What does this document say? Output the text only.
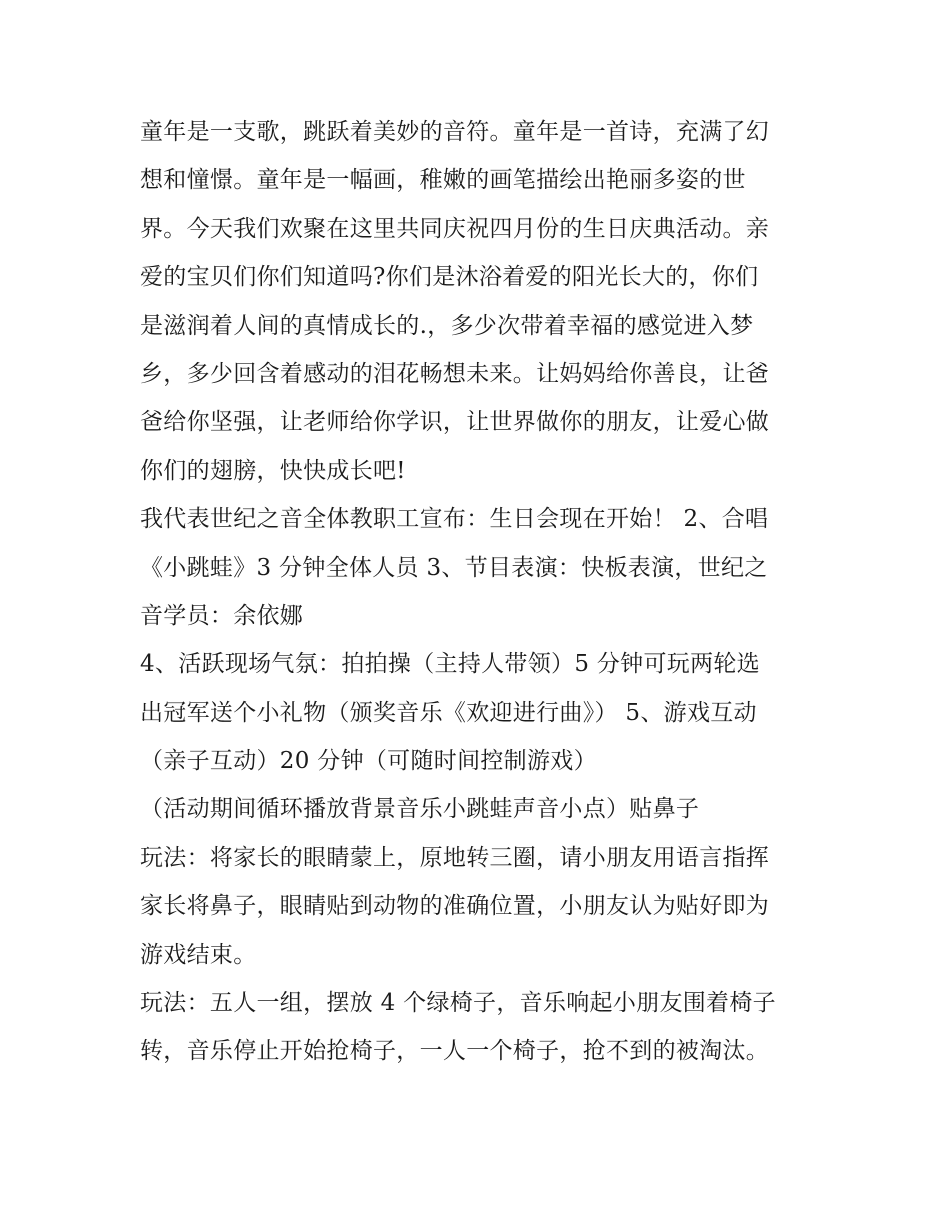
童年是一支歌，跳跃着美妙的音符。童年是一首诗，充满了幻
想和憧憬。童年是一幅画，稚嫩的画笔描绘出艳丽多姿的世
界。今天我们欢聚在这里共同庆祝四月份的生日庆典活动。亲
爱的宝贝们你们知道吗?你们是沐浴着爱的阳光长大的，你们
是滋润着人间的真情成长的.，多少次带着幸福的感觉进入梦
乡，多少回含着感动的泪花畅想未来。让妈妈给你善良，让爸
爸给你坚强，让老师给你学识，让世界做你的朋友，让爱心做
你们的翅膀，快快成长吧!
我代表世纪之音全体教职工宣布：生日会现在开始！ 2、合唱
《小跳蛙》3 分钟全体人员 3、节目表演：快板表演，世纪之
音学员：余依娜
4、活跃现场气氛：拍拍操（主持人带领）5 分钟可玩两轮选
出冠军送个小礼物（颁奖音乐《欢迎进行曲》） 5、游戏互动
（亲子互动）20 分钟（可随时间控制游戏）
（活动期间循环播放背景音乐小跳蛙声音小点）贴鼻子
玩法：将家长的眼睛蒙上，原地转三圈，请小朋友用语言指挥
家长将鼻子，眼睛贴到动物的准确位置，小朋友认为贴好即为
游戏结束。
玩法：五人一组，摆放 4 个绿椅子，音乐响起小朋友围着椅子
转，音乐停止开始抢椅子，一人一个椅子，抢不到的被淘汰。
